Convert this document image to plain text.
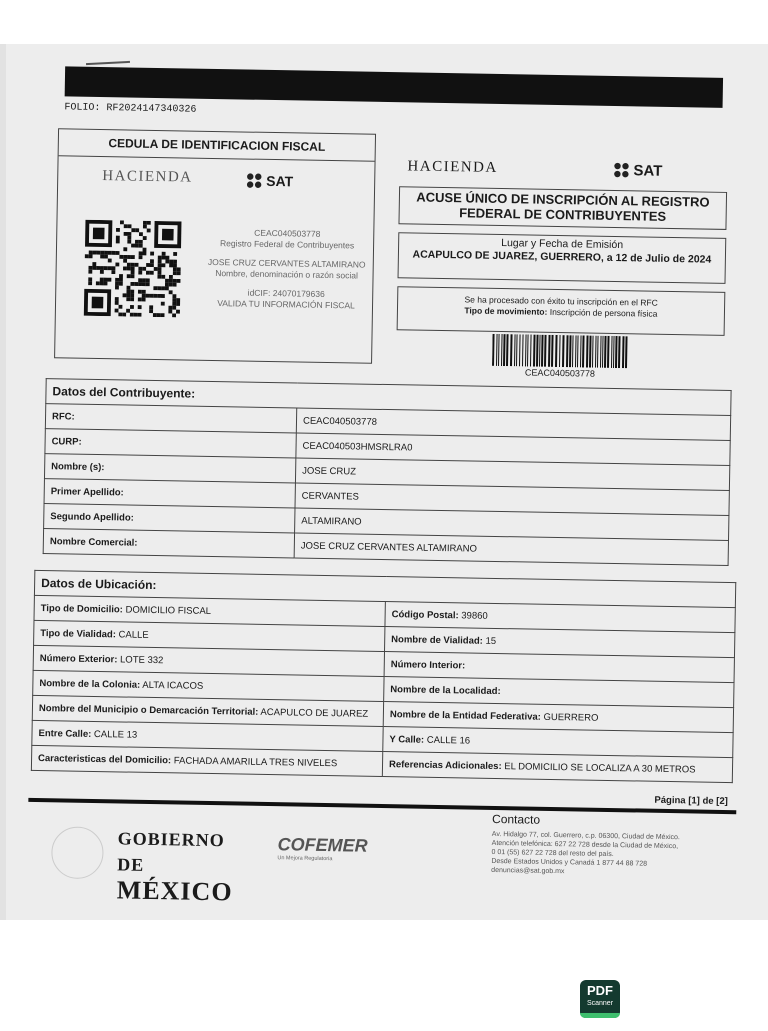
FOLIO: RF2024147340326
CEDULA DE IDENTIFICACION FISCAL
HACIENDA	SAT
CEAC040503778
Registro Federal de Contribuyentes
JOSE CRUZ CERVANTES ALTAMIRANO
Nombre, denominación o razón social
idCIF: 24070179636
VALIDA TU INFORMACIÓN FISCAL
HACIENDA	SAT
ACUSE ÚNICO DE INSCRIPCIÓN AL REGISTRO FEDERAL DE CONTRIBUYENTES
Lugar y Fecha de Emisión
ACAPULCO DE JUAREZ, GUERRERO, a 12 de Julio de 2024
Se ha procesado con éxito tu inscripción en el RFC
Tipo de movimiento: Inscripción de persona física
CEAC040503778
Datos del Contribuyente:	
RFC:	CEAC040503778
CURP:	CEAC040503HMSRLRA0
Nombre (s):	JOSE CRUZ
Primer Apellido:	CERVANTES
Segundo Apellido:	ALTAMIRANO
Nombre Comercial:	JOSE CRUZ CERVANTES ALTAMIRANO
Datos de Ubicación:	
Tipo de Domicilio: DOMICILIO FISCAL	Código Postal: 39860
Tipo de Vialidad: CALLE	Nombre de Vialidad: 15
Número Exterior: LOTE 332	Número Interior:
Nombre de la Colonia: ALTA ICACOS	Nombre de la Localidad:
Nombre del Municipio o Demarcación Territorial: ACAPULCO DE JUAREZ	Nombre de la Entidad Federativa: GUERRERO
Entre Calle: CALLE 13	Y Calle: CALLE 16
Caracteristicas del Domicilio: FACHADA AMARILLA TRES NIVELES	Referencias Adicionales: EL DOMICILIO SE LOCALIZA A 30 METROS
Página [1] de [2]
GOBIERNO DE
MÉXICO
COFEMER
Un Mejora Regulatoria
Contacto
Av. Hidalgo 77, col. Guerrero, c.p. 06300, Ciudad de México.
Atención telefónica: 627 22 728 desde la Ciudad de México,
0 01 (55) 627 22 728 del resto del país.
Desde Estados Unidos y Canadá 1 877 44 88 728
denuncias@sat.gob.mx
PDF
Scanner
